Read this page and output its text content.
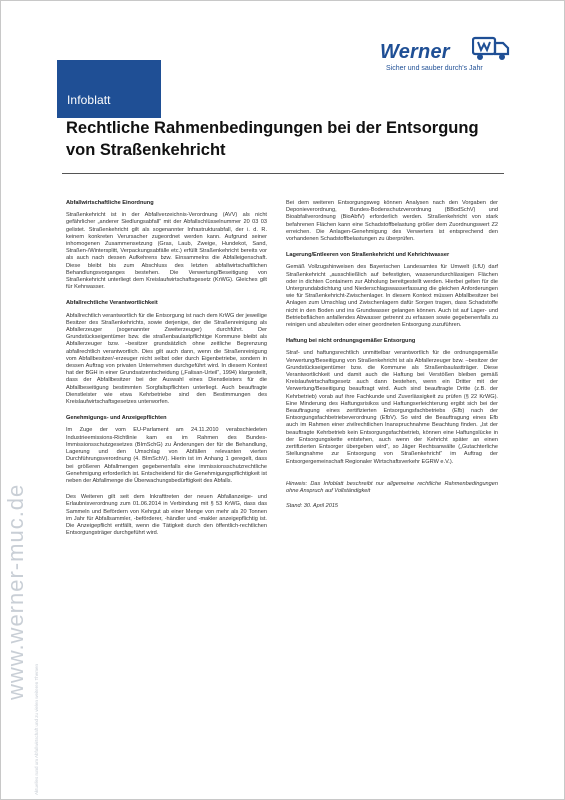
Infoblatt
Werner
Sicher und sauber durch's Jahr
Rechtliche Rahmenbedingungen bei der Entsorgung von Straßenkehricht
www.werner-muc.de
Aktuelles rund um Abfallwirtschaft und zu vielen weiteren Themen
Abfallwirtschaftliche Einordnung

Straßenkehricht ist in der Abfallverzeichnis-Verordnung (AVV) als nicht gefährlicher „anderer Siedlungsabfall“ mit der Abfallschlüsselnummer 20 03 03 gelistet. Straßenkehricht gilt als sogenannter Infrastrukturabfall, der i. d. R. keinem konkreten Verursacher zugeordnet werden kann. Aufgrund seiner inhomogenen Zusammensetzung (Gras, Laub, Zweige, Hundekot, Sand, Straßen-/Wintersplitt, Verpackungsabfälle etc.) erfüllt Straßenkehricht bereits vor als auch nach dessen Aufkehrens bzw. Einsammelns die Abfalleigenschaft. Diese bleibt bis zum Abschluss des letzten abfallwirtschaftlichen Behandlungsvorganges bestehen. Die Verwertung/Beseitigung von Straßenkehricht unterliegt dem Kreislaufwirtschaftsgesetz (KrWG). Gleiches gilt für Kehrwasser.

Abfallrechtliche Verantwortlichkeit

Abfallrechtlich verantwortlich für die Entsorgung ist nach dem KrWG der jeweilige Besitzer des Straßenkehrichts, sowie derjenige, der die Straßenreinigung als Abfallerzeuger (sogenannter Zweiterzeuger) durchführt. Der Grundstückseigentümer bzw. die straßenbaulastpflichtige Kommune bleibt als Abfallerzeuger bzw. –besitzer grundsätzlich ohne zeitliche Begrenzung abfallrechtlich verantwortlich. Dies gilt auch dann, wenn die Straßenreinigung vom Abfallbesitzer/-erzeuger nicht selbst oder durch Eigenbetriebe, sondern in dessen Auftrag von privaten Unternehmen durchgeführt wird. In diesem Kontext hat der BGH in einer Grundsatzentscheidung („Falisan-Urteil“, 1994) klargestellt, dass der Abfallbesitzer bei der Auswahl eines Dienstleisters für die Abfallbeseitigung bestimmten Sorgfaltspflichten unterliegt. Auch beauftragte Dienstleister wie etwa Kehrbetriebe sind den Bestimmungen des Kreislaufwirtschaftsgesetzes unterworfen.

Genehmigungs- und Anzeigepflichten

Im Zuge der vom EU-Parlament am 24.11.2010 verabschiedeten Industrieemissions-Richtlinie kam es im Rahmen des Bundes-Immissionsschutzgesetzes (BImSchG) zu Änderungen der für die Behandlung, Lagerung und den Umschlag von Abfällen relevanten vierten Durchführungsverordnung (4. BImSchV). Hierin ist im Anhang 1 geregelt, dass bei größeren Abfallmengen gegebenenfalls eine immissionsschutzrechtliche Genehmigung erforderlich ist. Entscheidend für die Genehmigungspflichtigkeit ist neben der Abfallmenge die Überwachungsbedürftigkeit des Abfalls.

Des Weiteren gilt seit dem Inkrafttreten der neuen Abfallanzeige- und Erlaubnisverordnung zum 01.06.2014 in Verbindung mit § 53 KrWG, dass das Sammeln und Befördern von Kehrgut ab einer Menge von mehr als 20 Tonnen im Jahr für Abfallsammler, -beförderer, -händler und -makler anzeigepflichtig ist. Die Anzeigepflicht entfällt, wenn die Tätigkeit durch den öffentlich-rechtlichen Entsorgungsträger durchgeführt wird.

Bei dem weiteren Entsorgungsweg können Analysen nach den Vorgaben der Deponieverordnung, Bundes-Bodenschutzverordnung (BBodSchV) und Bioabfallverordnung (BioAbfV) erforderlich werden. Straßenkehricht von stark befahrenen Flächen kann eine Schadstoffbelastung größer dem Zuordnungswert Z2 erreichen. Die Anlagen-Genehmigung des Verwerters ist entsprechend den vorhandenen Schadstoffbelastungen zu überprüfen.

Lagerung/Entleeren von Straßenkehricht und Kehrichtwasser

Gemäß Vollzugshinweisen des Bayerischen Landesamtes für Umwelt (LfU) darf Straßenkehricht „ausschließlich auf befestigten, wasserundurchlässigen Flächen oder in dichten Containern zur Abholung bereitgestellt werden. Hierbei gelten für die Untergrundabdichtung und Niederschlagswasserfassung die gleichen Anforderungen wie für Straßenkehricht-Zwischenlager. In diesem Kontext müssen Abfallbesitzer bei Anlagen zum Umschlag und Zwischenlagern dafür Sorgen tragen, dass Schadstoffe nicht in den Boden und ins Grundwasser gelangen können. Auch ist auf Lager- und Betriebsflächen anfallendes Abwasser getrennt zu erfassen sowie gegebenenfalls zu reinigen und abzuleiten oder einer geordneten Entsorgung zuzuführen.

Haftung bei nicht ordnungsgemäßer Entsorgung

Straf- und haftungsrechtlich unmittelbar verantwortlich für die ordnungsgemäße Verwertung/Beseitigung von Straßenkehricht ist als Abfallerzeuger bzw. –besitzer der Grundstückseigentümer bzw. die Kommune als Straßenbaulastträger. Diese Verantwortlichkeit und damit auch die Haftung bei Verstößen bleiben gemäß Kreislaufwirtschaftsgesetz auch dann bestehen, wenn ein Dritter mit der Verwertung/Beseitigung beauftragt wird. Auch sind beauftragte Dritte (z.B. der Kehrbetrieb) vorab auf ihre Fachkunde und Zuverlässigkeit zu prüfen (§ 22 KrWG). Eine Minderung des Haftungsrisikos und Haftungserleichterung ergibt sich bei der Beauftragung eines zertifizierten Entsorgungsfachbetriebs (Efb) nach der Entsorgungsfachbetriebeverordnung (EfbV). So wird die Beauftragung eines Efb auch im Rahmen einer zivilrechtlichen Inanspruchnahme Beachtung finden. „Ist der beauftragte Kehrbetrieb kein Entsorgungsfachbetrieb, können eine Haftungslücke in der Entsorgungskette entstehen, auch wenn der Kehricht später an einen zertifizierten Entsorger übergeben wird“, so Jäger Rechtsanwälte („Gutachterliche Stellungnahme zur Entsorgung von Straßenkehricht“ im Auftrag der Entsorgergemeinschaft Regionaler Wirtschaftsverkehr EGRW e.V.).

Hinweis: Das Infoblatt beschreibt nur allgemeine rechtliche Rahmenbedingungen ohne Anspruch auf Vollständigkeit

Stand: 30. April 2015
